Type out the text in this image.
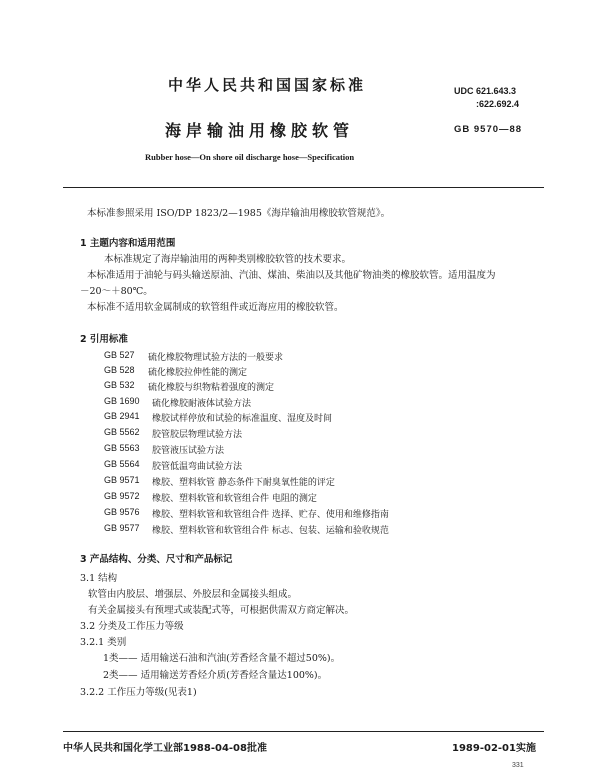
中华人民共和国国家标准	UDC 621.643.3
:622.692.4
海岸输油用橡胶软管	GB 9570—88
Rubber hose—On shore oil discharge hose—Specification
本标准参照采用 ISO/DP 1823/2—1985《海岸输油用橡胶软管规范》。
1 主题内容和适用范围
本标准规定了海岸输油用的两种类别橡胶软管的技术要求。
本标准适用于油轮与码头输送原油、汽油、煤油、柴油以及其他矿物油类的橡胶软管。适用温度为
－20～＋80℃。
本标准不适用软金属制成的软管组件或近海应用的橡胶软管。
2 引用标准
GB 527 硫化橡胶物理试验方法的一般要求
GB 528 硫化橡胶拉伸性能的测定
GB 532 硫化橡胶与织物粘着强度的测定
GB 1690 硫化橡胶耐液体试验方法
GB 2941 橡胶试样停放和试验的标准温度、湿度及时间
GB 5562 胶管胶层物理试验方法
GB 5563 胶管液压试验方法
GB 5564 胶管低温弯曲试验方法
GB 9571 橡胶、塑料软管 静态条件下耐臭氧性能的评定
GB 9572 橡胶、塑料软管和软管组合件 电阻的测定
GB 9576 橡胶、塑料软管和软管组合件 选择、贮存、使用和维修指南
GB 9577 橡胶、塑料软管和软管组合件 标志、包装、运输和验收规范
3 产品结构、分类、尺寸和产品标记
3.1 结构
软管由内胶层、增强层、外胶层和金属接头组成。
有关金属接头有预埋式或装配式等，可根据供需双方商定解决。
3.2 分类及工作压力等级
3.2.1 类别
1类—— 适用输送石油和汽油(芳香烃含量不超过50%)。
2类—— 适用输送芳香烃介质(芳香烃含量达100%)。
3.2.2 工作压力等级(见表1)
中华人民共和国化学工业部1988-04-08批准	1989-02-01实施
331
